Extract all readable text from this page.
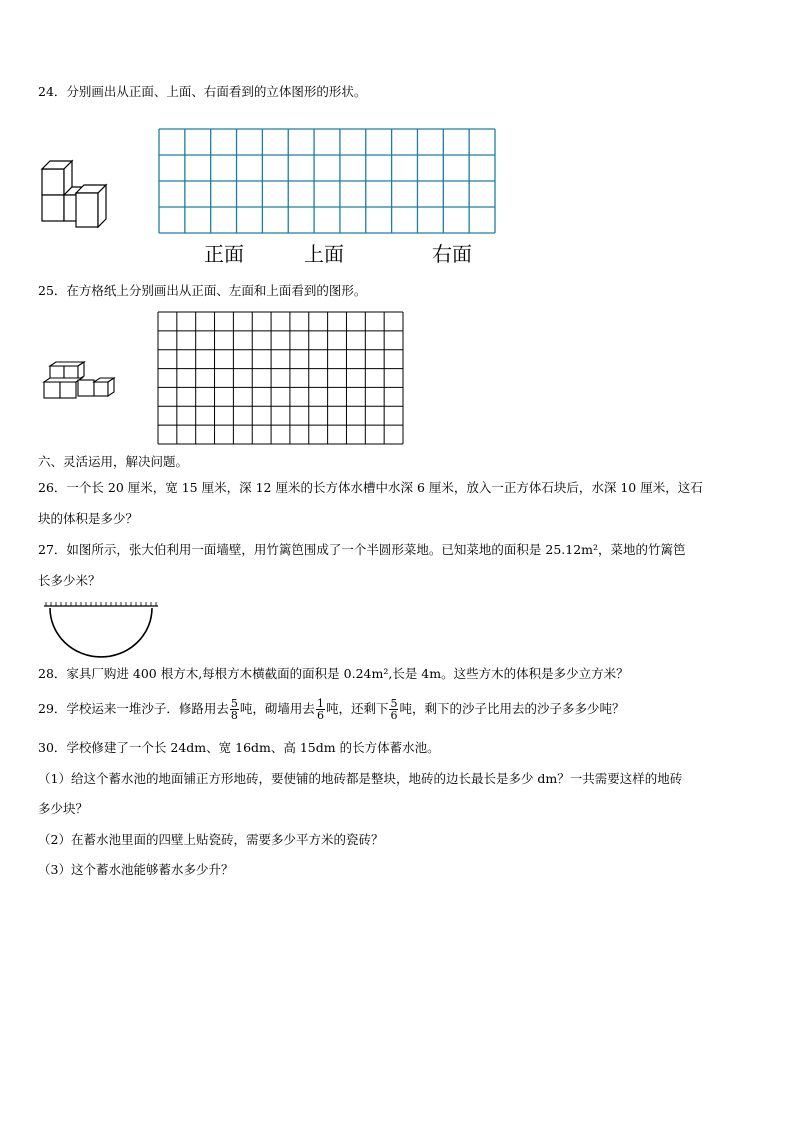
24．分别画出从正面、上面、右面看到的立体图形的形状。
正面	上面	右面
25．在方格纸上分别画出从正面、左面和上面看到的图形。
六、灵活运用，解决问题。
26．一个长 20 厘米，宽 15 厘米，深 12 厘米的长方体水槽中水深 6 厘米，放入一正方体石块后，水深 10 厘米，这石
块的体积是多少？
27．如图所示，张大伯利用一面墙壁，用竹篱笆围成了一个半圆形菜地。已知菜地的面积是 25.12m²，菜地的竹篱笆
长多少米？
28．家具厂购进 400 根方木,每根方木横截面的面积是 0.24m²,长是 4m。这些方木的体积是多少立方米？
29．学校运来一堆沙子．修路用去 $\frac{5}{8}$ 吨，砌墙用去 $\frac{1}{6}$ 吨，还剩下 $\frac{5}{6}$ 吨，剩下的沙子比用去的沙子多多少吨？
30．学校修建了一个长 24dm、宽 16dm、高 15dm 的长方体蓄水池。
（1）给这个蓄水池的地面铺正方形地砖，要使铺的地砖都是整块，地砖的边长最长是多少 dm？一共需要这样的地砖
多少块？
（2）在蓄水池里面的四壁上贴瓷砖，需要多少平方米的瓷砖？
（3）这个蓄水池能够蓄水多少升？
